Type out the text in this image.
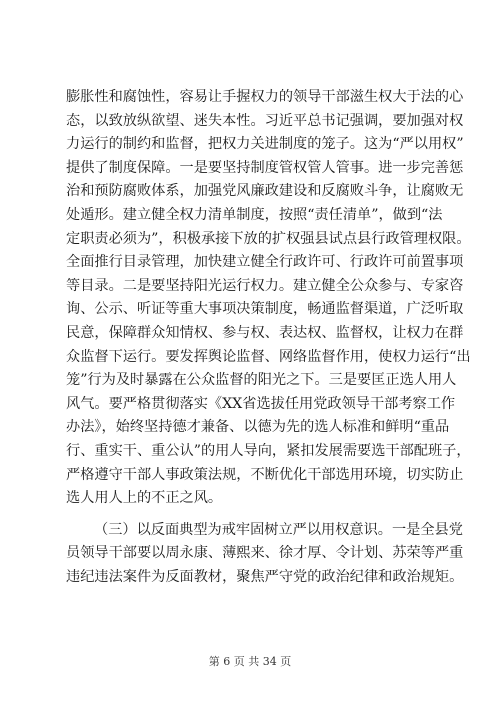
膨胀性和腐蚀性，容易让手握权力的领导干部滋生权大于法的心
态，以致放纵欲望、迷失本性。习近平总书记强调，要加强对权
力运行的制约和监督，把权力关进制度的笼子。这为“严以用权”
提供了制度保障。一是要坚持制度管权管人管事。进一步完善惩
治和预防腐败体系，加强党风廉政建设和反腐败斗争，让腐败无
处遁形。建立健全权力清单制度，按照“责任清单”，做到“法
定职责必须为”，积极承接下放的扩权强县试点县行政管理权限。
全面推行目录管理，加快建立健全行政许可、行政许可前置事项
等目录。二是要坚持阳光运行权力。建立健全公众参与、专家咨
询、公示、听证等重大事项决策制度，畅通监督渠道，广泛听取
民意，保障群众知情权、参与权、表达权、监督权，让权力在群
众监督下运行。要发挥舆论监督、网络监督作用，使权力运行“出
笼”行为及时暴露在公众监督的阳光之下。三是要匡正选人用人
风气。要严格贯彻落实《XX省选拔任用党政领导干部考察工作
办法》，始终坚持德才兼备、以德为先的选人标准和鲜明“重品
行、重实干、重公认”的用人导向，紧扣发展需要选干部配班子，
严格遵守干部人事政策法规，不断优化干部选用环境，切实防止
选人用人上的不正之风。
（三）以反面典型为戒牢固树立严以用权意识。一是全县党
员领导干部要以周永康、薄熙来、徐才厚、令计划、苏荣等严重
违纪违法案件为反面教材，聚焦严守党的政治纪律和政治规矩。
第 6 页 共 34 页
